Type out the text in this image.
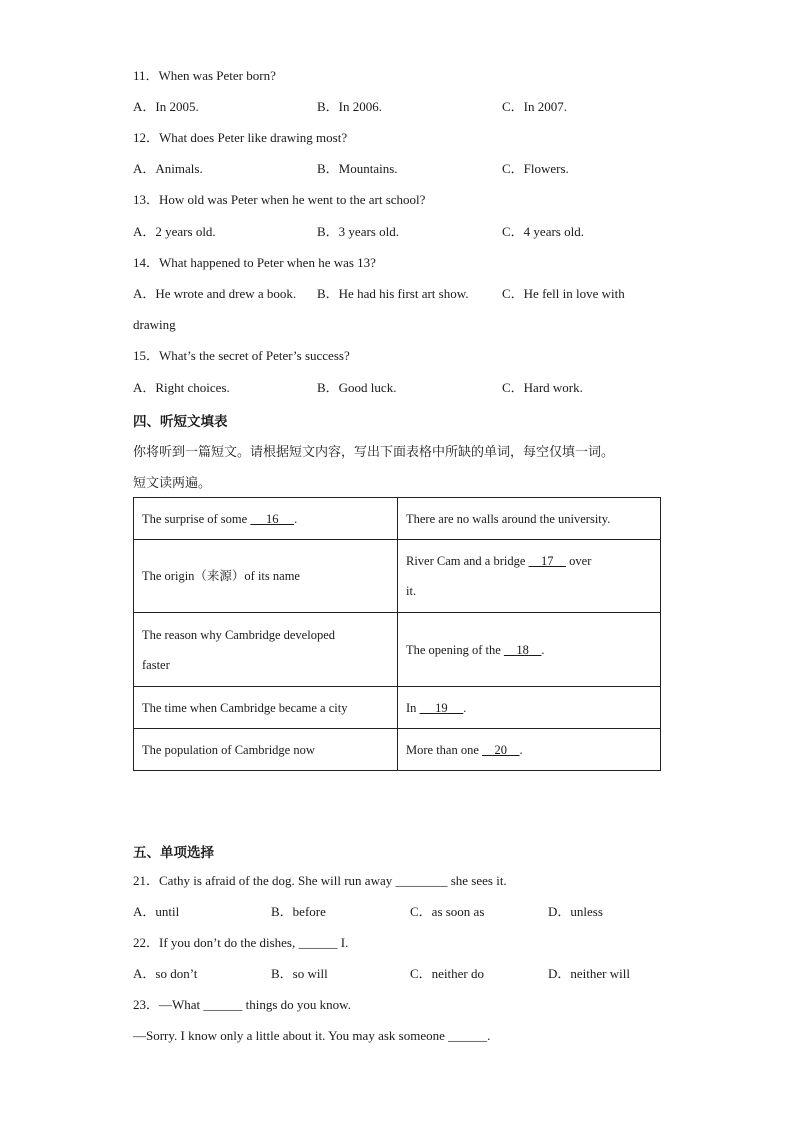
11．When was Peter born?
A．In 2005.	B．In 2006.	C．In 2007.
12．What does Peter like drawing most?
A．Animals.	B．Mountains.	C．Flowers.
13．How old was Peter when he went to the art school?
A．2 years old.	B．3 years old.	C．4 years old.
14．What happened to Peter when he was 13?
A．He wrote and drew a book. B．He had his first art show.	C．He fell in love with
drawing
15．What’s the secret of Peter’s success?
A．Right choices.	B．Good luck.	C．Hard work.
四、听短文填表
你将听到一篇短文。请根据短文内容，写出下面表格中所缺的单词，每空仅填一词。
短文读两遍。
The surprise of some 16 .	There are no walls around the university.
The origin（来源）of its name	River Cam and a bridge     17     over
it.
The reason why Cambridge developed
faster	The opening of the     18 .
The time when Cambridge became a city	In      19 .
The population of Cambridge now	More than one     20 .
五、单项选择
21．Cathy is afraid of the dog. She will run away ________ she sees it.
A．until	B．before	C．as soon as	D．unless
22．If you don’t do the dishes, ______ I.
A．so don’t	B．so will	C．neither do	D．neither will
23．—What ______ things do you know.
—Sorry. I know only a little about it. You may ask someone ______.
